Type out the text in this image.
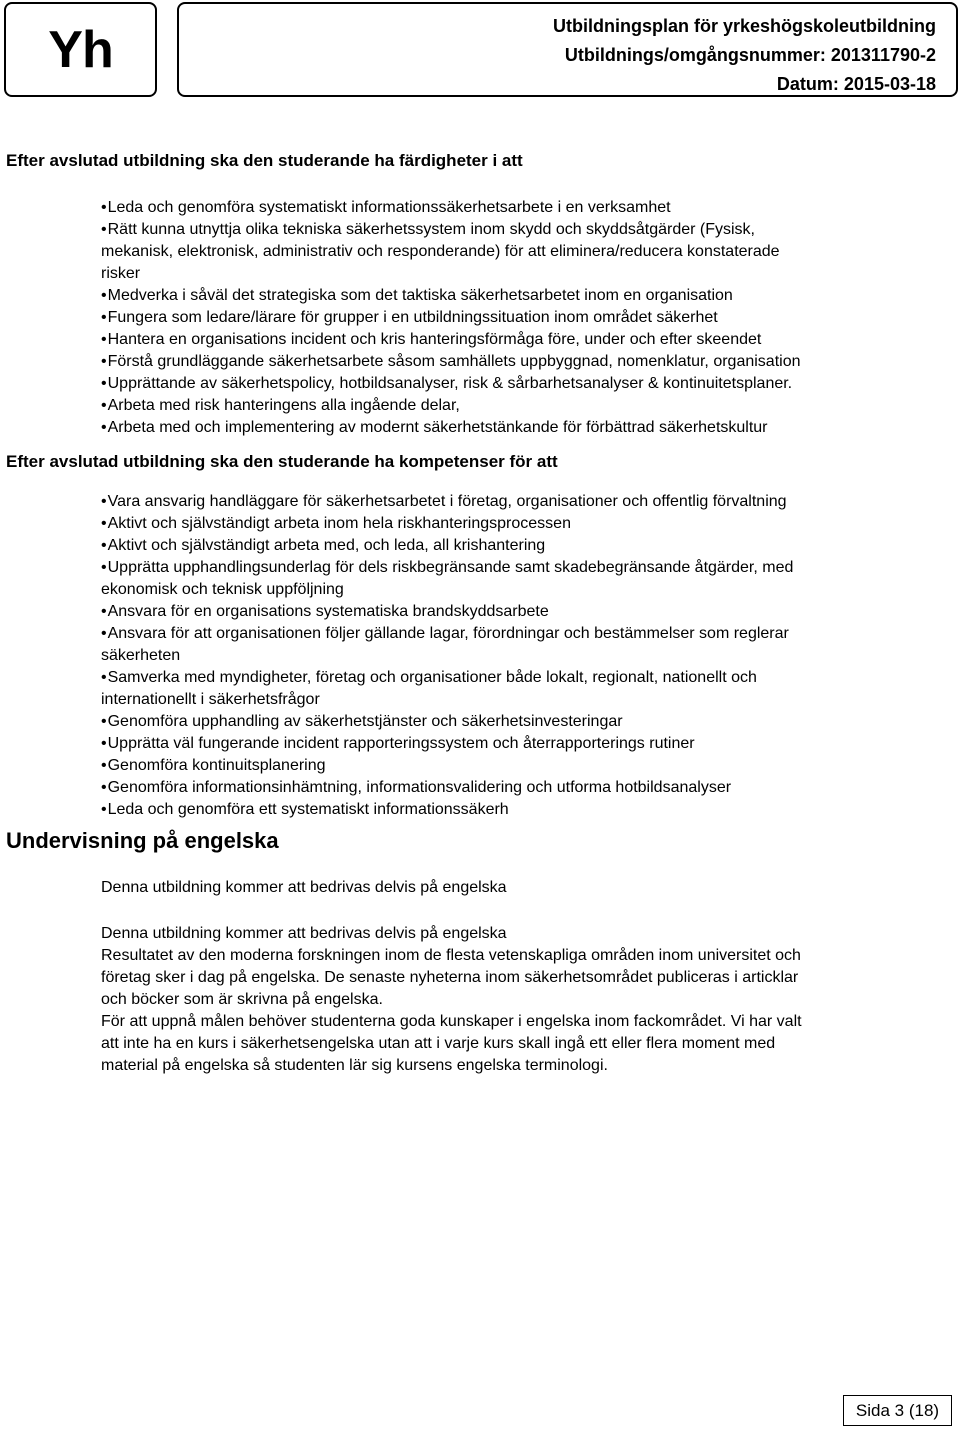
Yh	Utbildningsplan för yrkeshögskoleutbildning
Utbildnings/omgångsnummer: 201311790-2
Datum: 2015-03-18
Efter avslutad utbildning ska den studerande ha färdigheter i att
•Leda och genomföra systematiskt informationssäkerhetsarbete i en verksamhet
•Rätt kunna utnyttja olika tekniska säkerhetssystem inom skydd och skyddsåtgärder (Fysisk,
mekanisk, elektronisk, administrativ och responderande) för att eliminera/reducera konstaterade
risker
•Medverka i såväl det strategiska som det taktiska säkerhetsarbetet inom en organisation
•Fungera som ledare/lärare för grupper i en utbildningssituation inom området säkerhet
•Hantera en organisations incident och kris hanteringsförmåga före, under och efter skeendet
•Förstå grundläggande säkerhetsarbete såsom samhällets uppbyggnad, nomenklatur, organisation
•Upprättande av säkerhetspolicy, hotbildsanalyser, risk & sårbarhetsanalyser & kontinuitetsplaner.
•Arbeta med risk hanteringens alla ingående delar,
•Arbeta med och implementering av modernt säkerhetstänkande för förbättrad säkerhetskultur
Efter avslutad utbildning ska den studerande ha kompetenser för att
•Vara ansvarig handläggare för säkerhetsarbetet i företag, organisationer och offentlig förvaltning
•Aktivt och självständigt arbeta inom hela riskhanteringsprocessen
•Aktivt och självständigt arbeta med, och leda, all krishantering
•Upprätta upphandlingsunderlag för dels riskbegränsande samt skadebegränsande åtgärder, med
ekonomisk och teknisk uppföljning
•Ansvara för en organisations systematiska brandskyddsarbete
•Ansvara för att organisationen följer gällande lagar, förordningar och bestämmelser som reglerar
säkerheten
•Samverka med myndigheter, företag och organisationer både lokalt, regionalt, nationellt och
internationellt i säkerhetsfrågor
•Genomföra upphandling av säkerhetstjänster och säkerhetsinvesteringar
•Upprätta väl fungerande incident rapporteringssystem och återrapporterings rutiner
•Genomföra kontinuitsplanering
•Genomföra informationsinhämtning, informationsvalidering och utforma hotbildsanalyser
•Leda och genomföra ett systematiskt informationssäkerh
Undervisning på engelska

Denna utbildning kommer att bedrivas delvis på engelska

Denna utbildning kommer att bedrivas delvis på engelska

Resultatet av den moderna forskningen inom de flesta vetenskapliga områden inom universitet och

företag sker i dag på engelska. De senaste nyheterna inom säkerhetsområdet publiceras i articklar

och böcker som är skrivna på engelska.

För att uppnå målen behöver studenterna goda kunskaper i engelska inom fackområdet. Vi har valt

att inte ha en kurs i säkerhetsengelska utan att i varje kurs skall ingå ett eller flera moment med

material på engelska så studenten lär sig kursens engelska terminologi.

Sida 3 (18)
